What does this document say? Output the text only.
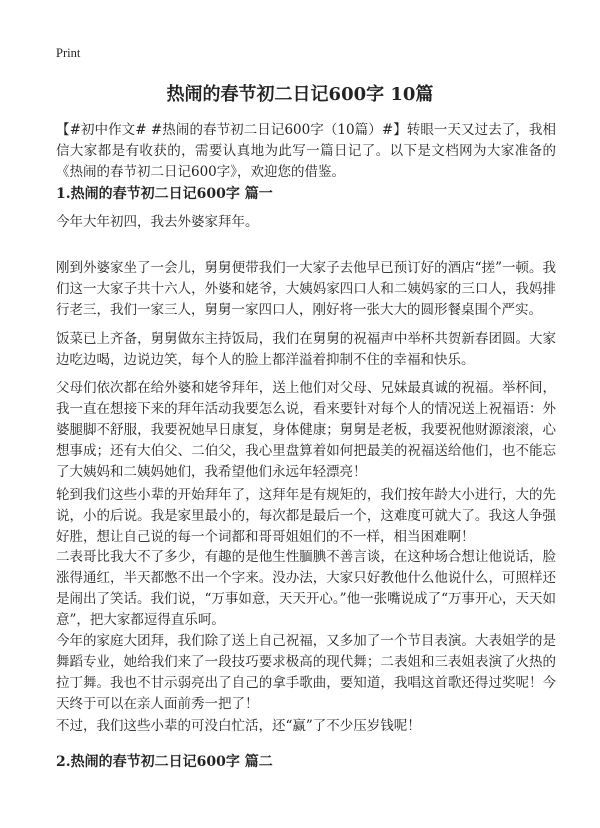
Print
热闹的春节初二日记600字 10篇

【#初中作文# #热闹的春节初二日记600字（10篇）#】转眼一天又过去了，我相信大家都是有收获的，需要认真地为此写一篇日记了。以下是文档网为大家准备的《热闹的春节初二日记600字》，欢迎您的借鉴。

1.热闹的春节初二日记600字 篇一

今年大年初四，我去外婆家拜年。

刚到外婆家坐了一会儿，舅舅便带我们一大家子去他早已预订好的酒店“搓”一顿。我们这一大家子共十六人，外婆和姥爷，大姨妈家四口人和二姨妈家的三口人，我妈排行老三，我们一家三人，舅舅一家四口人，刚好将一张大大的圆形餐桌围个严实。

饭菜已上齐备，舅舅做东主持饭局，我们在舅舅的祝福声中举杯共贺新春团圆。大家边吃边喝，边说边笑，每个人的脸上都洋溢着抑制不住的幸福和快乐。

父母们依次都在给外婆和姥爷拜年，送上他们对父母、兄妹最真诚的祝福。举杯间，我一直在想接下来的拜年活动我要怎么说，看来要针对每个人的情况送上祝福语：外婆腿脚不舒服，我要祝她早日康复，身体健康；舅舅是老板，我要祝他财源滚滚，心想事成；还有大伯父、二伯父，我心里盘算着如何把最美的祝福送给他们，也不能忘了大姨妈和二姨妈她们，我希望他们永远年轻漂亮！

轮到我们这些小辈的开始拜年了，这拜年是有规矩的，我们按年龄大小进行，大的先说，小的后说。我是家里最小的，每次都是最后一个，这难度可就大了。我这人争强好胜，想让自己说的每一个词都和哥哥姐姐们的不一样，相当困难啊！

二表哥比我大不了多少，有趣的是他生性腼腆不善言谈，在这种场合想让他说话，脸涨得通红，半天都憋不出一个字来。没办法，大家只好教他什么他说什么，可照样还是闹出了笑话。我们说，“万事如意，天天开心。”他一张嘴说成了“万事开心，天天如意”，把大家都逗得直乐呵。

今年的家庭大团拜，我们除了送上自己祝福，又多加了一个节目表演。大表姐学的是舞蹈专业，她给我们来了一段技巧要求极高的现代舞；二表姐和三表姐表演了火热的拉丁舞。我也不甘示弱亮出了自己的拿手歌曲，要知道，我唱这首歌还得过奖呢！今天终于可以在亲人面前秀一把了！

不过，我们这些小辈的可没白忙活，还“赢”了不少压岁钱呢！

2.热闹的春节初二日记600字 篇二
